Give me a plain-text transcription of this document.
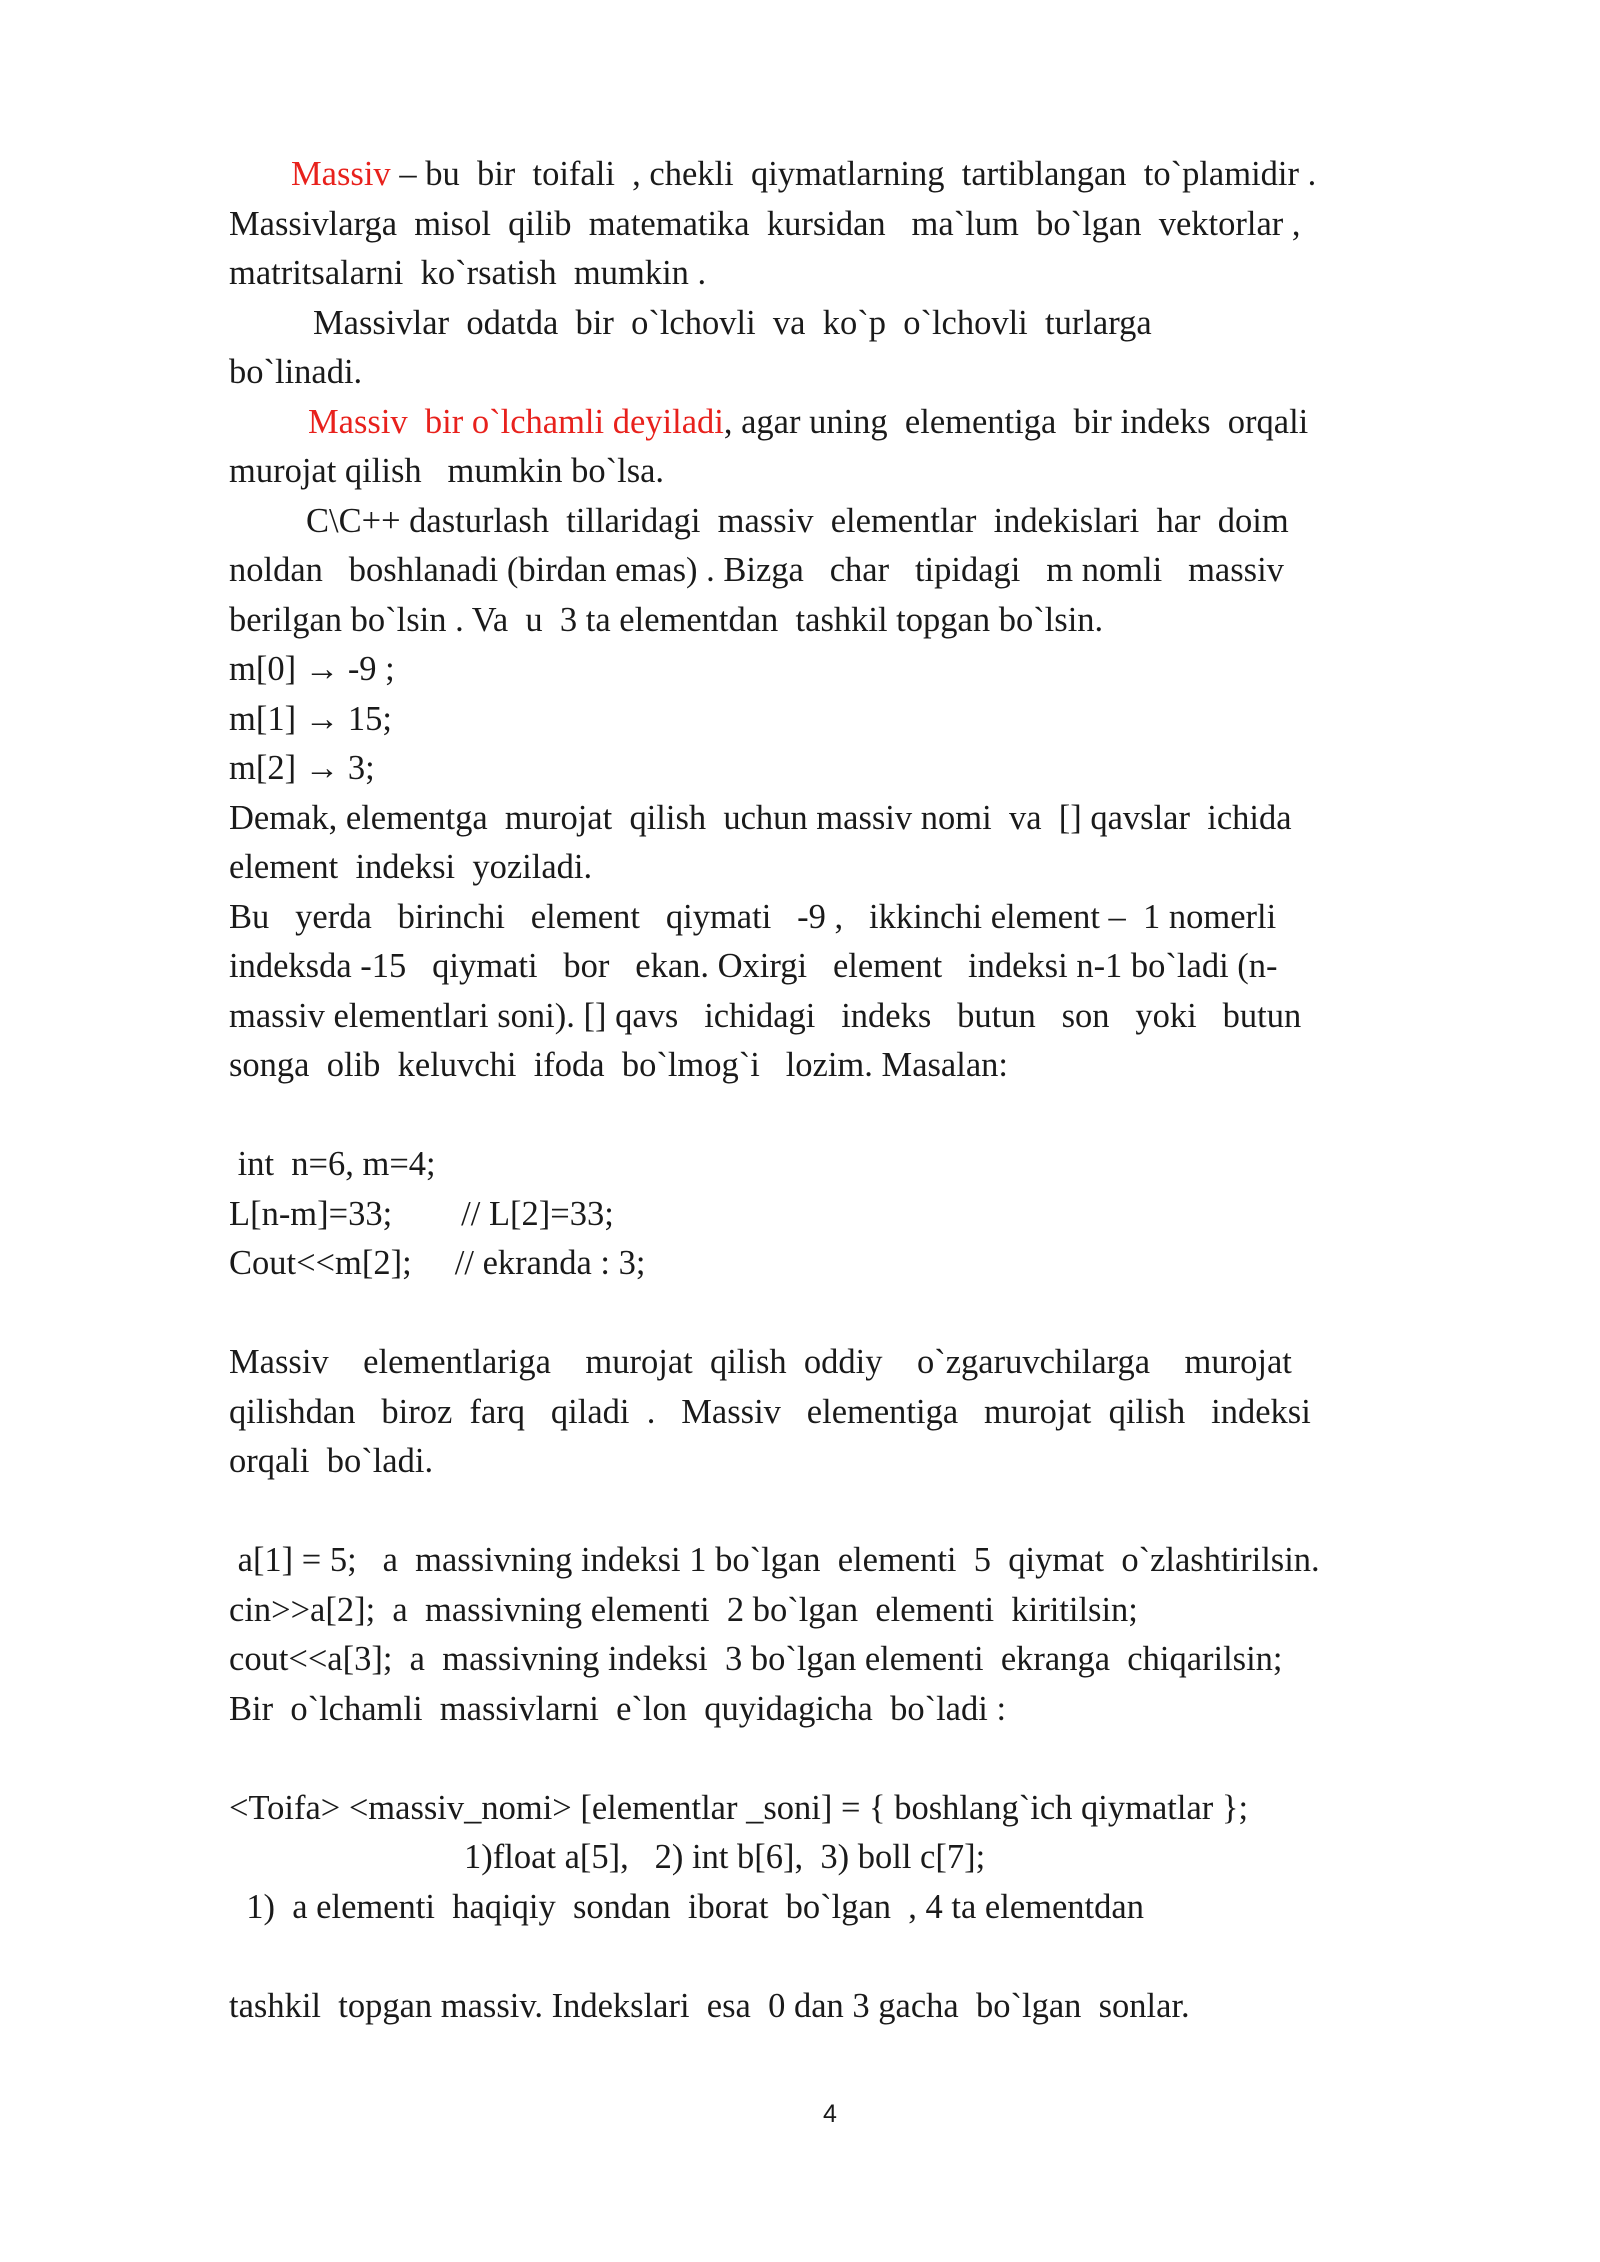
Massiv – bu  bir  toifali  , chekli  qiymatlarning  tartiblangan  to`plamidir .
Massivlarga  misol  qilib  matematika  kursidan   ma`lum  bo`lgan  vektorlar ,
matritsalarni  ko`rsatish  mumkin .
Massivlar  odatda  bir  o`lchovli  va  ko`p  o`lchovli  turlarga
bo`linadi.
Massiv  bir o`lchamli deyiladi, agar uning  elementiga  bir indeks  orqali
murojat qilish   mumkin bo`lsa.
C\C++ dasturlash  tillaridagi  massiv  elementlar  indekislari  har  doim
noldan   boshlanadi (birdan emas) . Bizga   char   tipidagi   m nomli   massiv
berilgan bo`lsin . Va  u  3 ta elementdan  tashkil topgan bo`lsin.
m[0] → -9 ;
m[1] → 15;
m[2] → 3;
Demak, elementga  murojat  qilish  uchun massiv nomi  va  [] qavslar  ichida
element  indeksi  yoziladi.
Bu   yerda   birinchi   element   qiymati   -9 ,   ikkinchi element –  1 nomerli
indeksda -15   qiymati   bor   ekan. Oxirgi   element   indeksi n-1 bo`ladi (n-
massiv elementlari soni). [] qavs   ichidagi   indeks   butun   son   yoki   butun
songa  olib  keluvchi  ifoda  bo`lmog`i   lozim. Masalan:
int  n=6, m=4;
L[n-m]=33;        // L[2]=33;
Cout<<m[2];     // ekranda : 3;
Massiv    elementlariga    murojat  qilish  oddiy    o`zgaruvchilarga    murojat
qilishdan   biroz  farq   qiladi  .   Massiv   elementiga   murojat  qilish   indeksi
orqali  bo`ladi.
a[1] = 5;   a  massivning indeksi 1 bo`lgan  elementi  5  qiymat  o`zlashtirilsin.
cin>>a[2];  a  massivning elementi  2 bo`lgan  elementi  kiritilsin;
cout<<a[3];  a  massivning indeksi  3 bo`lgan elementi  ekranga  chiqarilsin;
Bir  o`lchamli  massivlarni  e`lon  quyidagicha  bo`ladi :
<Toifa> <massiv_nomi> [elementlar _soni] = { boshlang`ich qiymatlar };
1)float a[5],   2) int b[6],  3) boll c[7];
1)  a elementi  haqiqiy  sondan  iborat  bo`lgan  , 4 ta elementdan
tashkil  topgan massiv. Indekslari  esa  0 dan 3 gacha  bo`lgan  sonlar.
4
